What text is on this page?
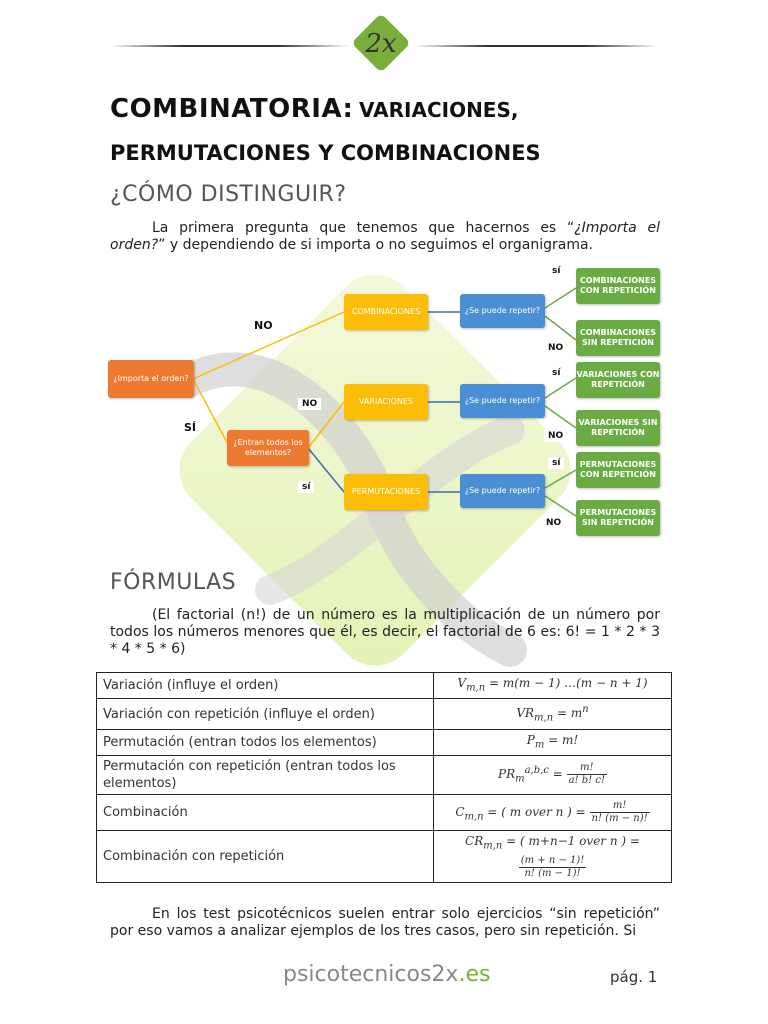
2x
COMBINATORIA: VARIACIONES,
PERMUTACIONES Y COMBINACIONES
¿CÓMO DISTINGUIR?
La primera pregunta que tenemos que hacernos es “¿Importa el orden?” y dependiendo de si importa o no seguimos el organigrama.
¿Importa el orden?
¿Entran todos los elementos?
COMBINACIONES
VARIACIONES
PERMUTACIONES
¿Se puede repetir?
¿Se puede repetir?
¿Se puede repetir?
COMBINACIONES CON REPETICIÓN
COMBINACIONES SIN REPETICIÓN
VARIACIONES CON REPETICIÓN
VARIACIONES SIN REPETICIÓN
PERMUTACIONES CON REPETICIÓN
PERMUTACIONES SIN REPETICIÓN
NO
SÍ
NO
sí
sí
NO
sí
NO
sí
NO
FÓRMULAS
(El factorial (n!) de un número es la multiplicación de un número por todos los números menores que él, es decir, el factorial de 6 es: 6! = 1 * 2 * 3 * 4 * 5 * 6)
Variación (influye el orden)	$V_{m,n} = m(m - 1)$ …(m − n + 1)
Variación con repetición (influye el orden)	$VR_{m,n} = m^n$
Permutación (entran todos los elementos)	$P_m = m$!
Permutación con repetición (entran todos los elementos)	$PR_m^{a,b,c} = \frac{m!}{a! b! c!}$

Combinación	$C_{m,n}$ = ( m over n ) = $\frac{m!}{n! (m - n)!}$

Combinación con repetición	$CR_{m,n}$ = ( m+n−1 over n ) =
$\frac{(m + n - 1)!}{n! (m - 1)!}$
En los test psicotécnicos suelen entrar solo ejercicios “sin repetición” por eso vamos a analizar ejemplos de los tres casos, pero sin repetición. Si
psicotecnicos2x.es	pág. 1
